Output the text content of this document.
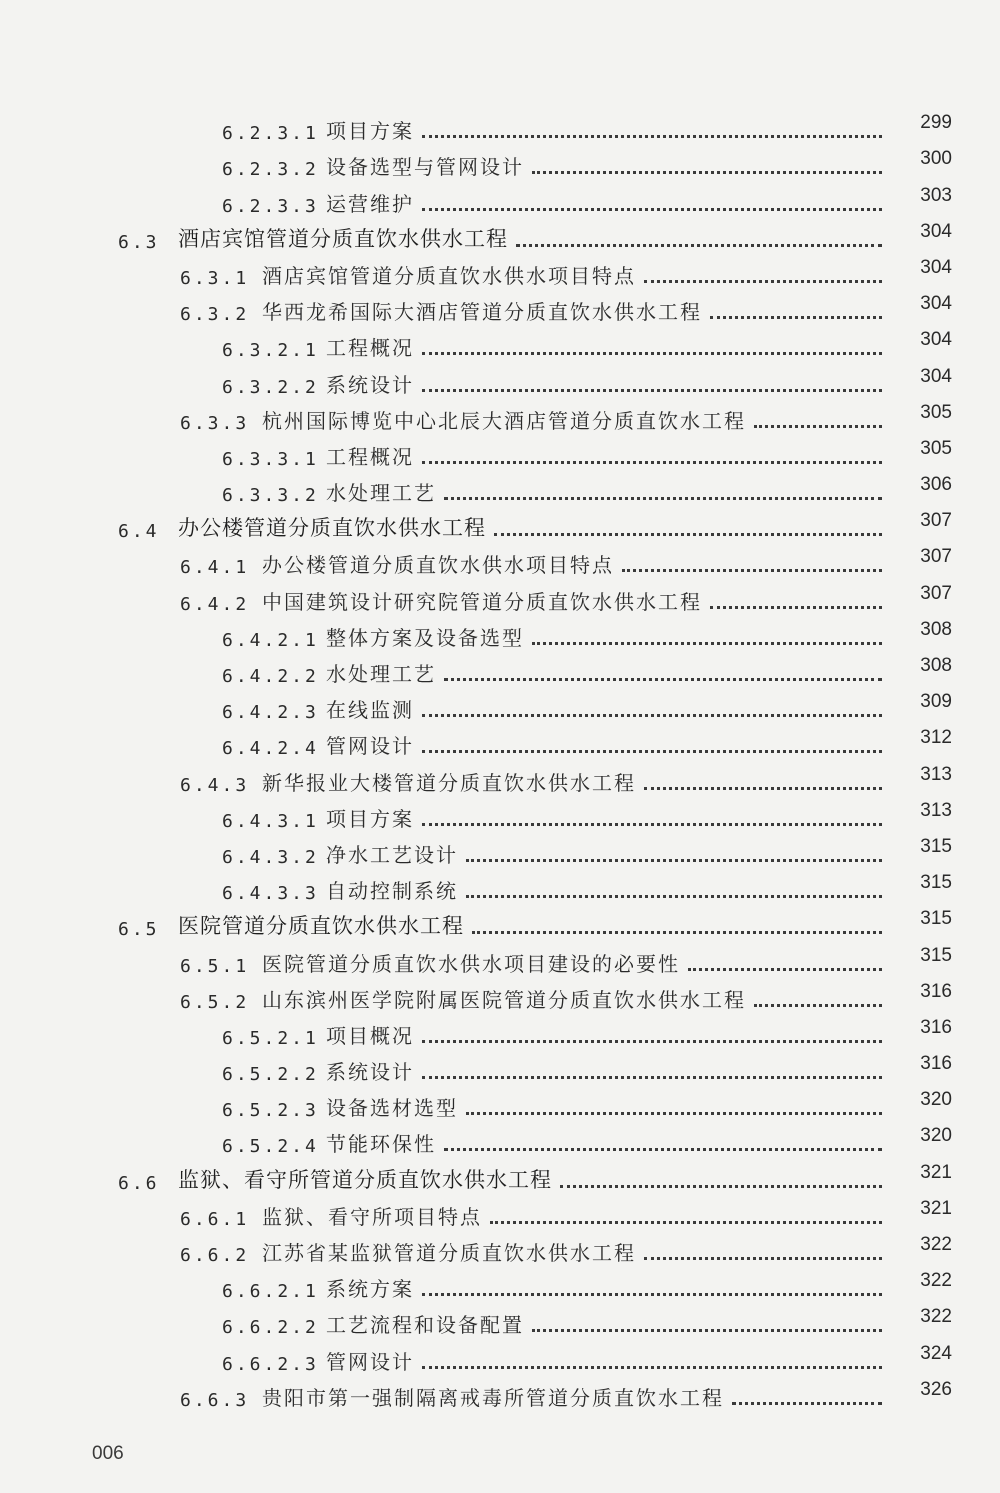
6.2.3.1 项目方案	299
6.2.3.2 设备选型与管网设计	300
6.2.3.3 运营维护	303
6.3 酒店宾馆管道分质直饮水供水工程	304
6.3.1 酒店宾馆管道分质直饮水供水项目特点	304
6.3.2 华西龙希国际大酒店管道分质直饮水供水工程	304
6.3.2.1 工程概况	304
6.3.2.2 系统设计	304
6.3.3 杭州国际博览中心北辰大酒店管道分质直饮水工程	305
6.3.3.1 工程概况	305
6.3.3.2 水处理工艺	306
6.4 办公楼管道分质直饮水供水工程	307
6.4.1 办公楼管道分质直饮水供水项目特点	307
6.4.2 中国建筑设计研究院管道分质直饮水供水工程	307
6.4.2.1 整体方案及设备选型	308
6.4.2.2 水处理工艺	308
6.4.2.3 在线监测	309
6.4.2.4 管网设计	312
6.4.3 新华报业大楼管道分质直饮水供水工程	313
6.4.3.1 项目方案	313
6.4.3.2 净水工艺设计	315
6.4.3.3 自动控制系统	315
6.5 医院管道分质直饮水供水工程	315
6.5.1 医院管道分质直饮水供水项目建设的必要性	315
6.5.2 山东滨州医学院附属医院管道分质直饮水供水工程	316
6.5.2.1 项目概况	316
6.5.2.2 系统设计	316
6.5.2.3 设备选材选型	320
6.5.2.4 节能环保性	320
6.6 监狱、看守所管道分质直饮水供水工程	321
6.6.1 监狱、看守所项目特点	321
6.6.2 江苏省某监狱管道分质直饮水供水工程	322
6.6.2.1 系统方案	322
6.6.2.2 工艺流程和设备配置	322
6.6.2.3 管网设计	324
6.6.3 贵阳市第一强制隔离戒毒所管道分质直饮水工程	326
006
